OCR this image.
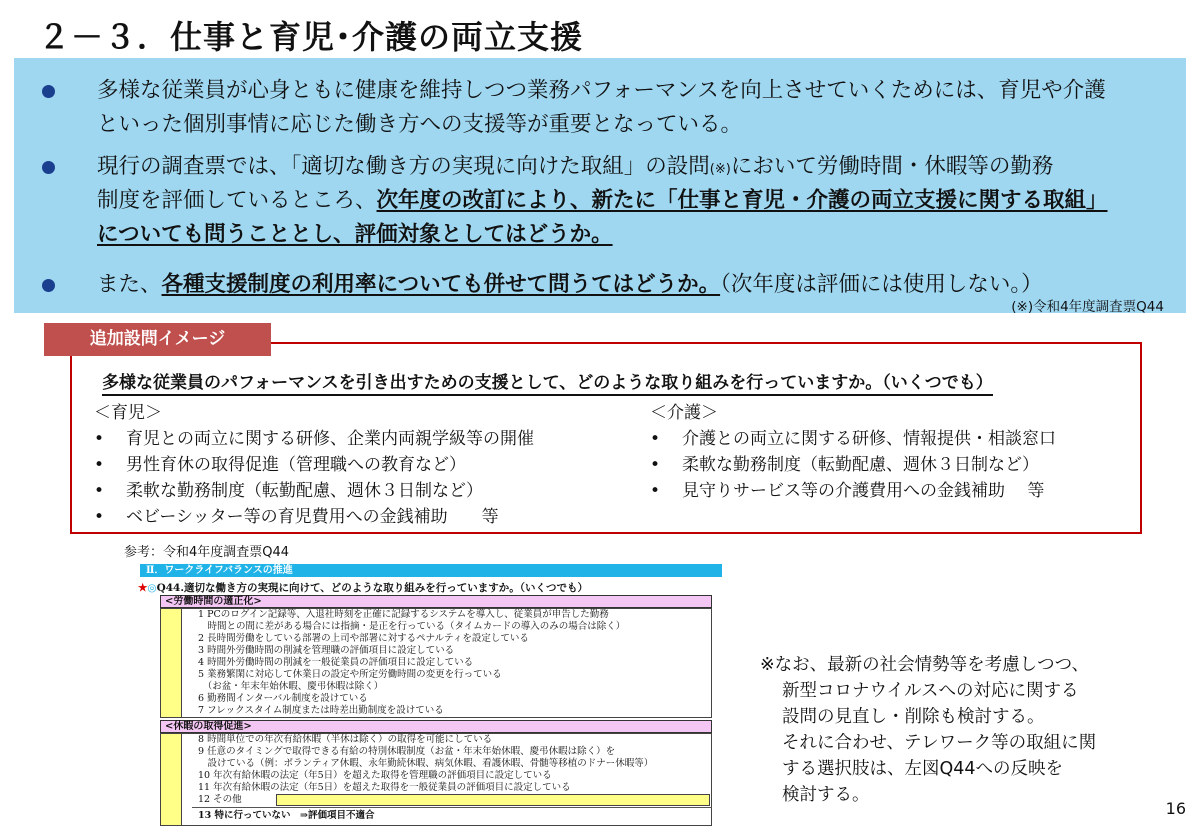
２－３．仕事と育児･介護の両立支援
多様な従業員が心身ともに健康を維持しつつ業務パフォーマンスを向上させていくためには、育児や介護
といった個別事情に応じた働き方への支援等が重要となっている。
現行の調査票では、「適切な働き方の実現に向けた取組」の設問(※)において労働時間・休暇等の勤務
制度を評価しているところ、次年度の改訂により、新たに「仕事と育児・介護の両立支援に関する取組」
についても問うこととし、評価対象としてはどうか。
(※)令和4年度調査票Q44
また、各種支援制度の利用率についても併せて問うてはどうか。（次年度は評価には使用しない。）
多様な従業員のパフォーマンスを引き出すための支援として、どのような取り組みを行っていますか。（いくつでも）
＜育児＞
• 育児との両立に関する研修、企業内両親学級等の開催
• 男性育休の取得促進（管理職への教育など）
• 柔軟な勤務制度（転勤配慮、週休３日制など）
• ベビーシッター等の育児費用への金銭補助　　等
＜介護＞
• 介護との両立に関する研修、情報提供・相談窓口
• 柔軟な勤務制度（転勤配慮、週休３日制など）
• 見守りサービス等の介護費用への金銭補助　 等
追加設問イメージ
参考：令和4年度調査票Q44
Ⅱ．ワークライフバランスの推進
★◎Q44.適切な働き方の実現に向けて、どのような取り組みを行っていますか。（いくつでも）
<労働時間の適正化>
1 PCのログイン記録等、入退社時刻を正確に記録するシステムを導入し、従業員が申告した勤務
　時間との間に差がある場合には指摘・是正を行っている（タイムカードの導入のみの場合は除く）
2 長時間労働をしている部署の上司や部署に対するペナルティを設定している
3 時間外労働時間の削減を管理職の評価項目に設定している
4 時間外労働時間の削減を一般従業員の評価項目に設定している
5 業務繁閑に対応して休業日の設定や所定労働時間の変更を行っている
　（お盆・年末年始休暇、慶弔休暇は除く）
6 勤務間インターバル制度を設けている
7 フレックスタイム制度または時差出勤制度を設けている
<休暇の取得促進>
8 時間単位での年次有給休暇（半休は除く）の取得を可能にしている
9 任意のタイミングで取得できる有給の特別休暇制度（お盆・年末年始休暇、慶弔休暇は除く）を
　設けている（例：ボランティア休暇、永年勤続休暇、病気休暇、看護休暇、骨髄等移植のドナー休暇等）
10 年次有給休暇の法定（年5日）を超えた取得を管理職の評価項目に設定している
11 年次有給休暇の法定（年5日）を超えた取得を一般従業員の評価項目に設定している
12 その他
13 特に行っていない　⇒評価項目不適合
※なお、最新の社会情勢等を考慮しつつ、
新型コロナウイルスへの対応に関する
設問の見直し・削除も検討する。
それに合わせ、テレワーク等の取組に関
する選択肢は、左図Q44への反映を
検討する。
16
